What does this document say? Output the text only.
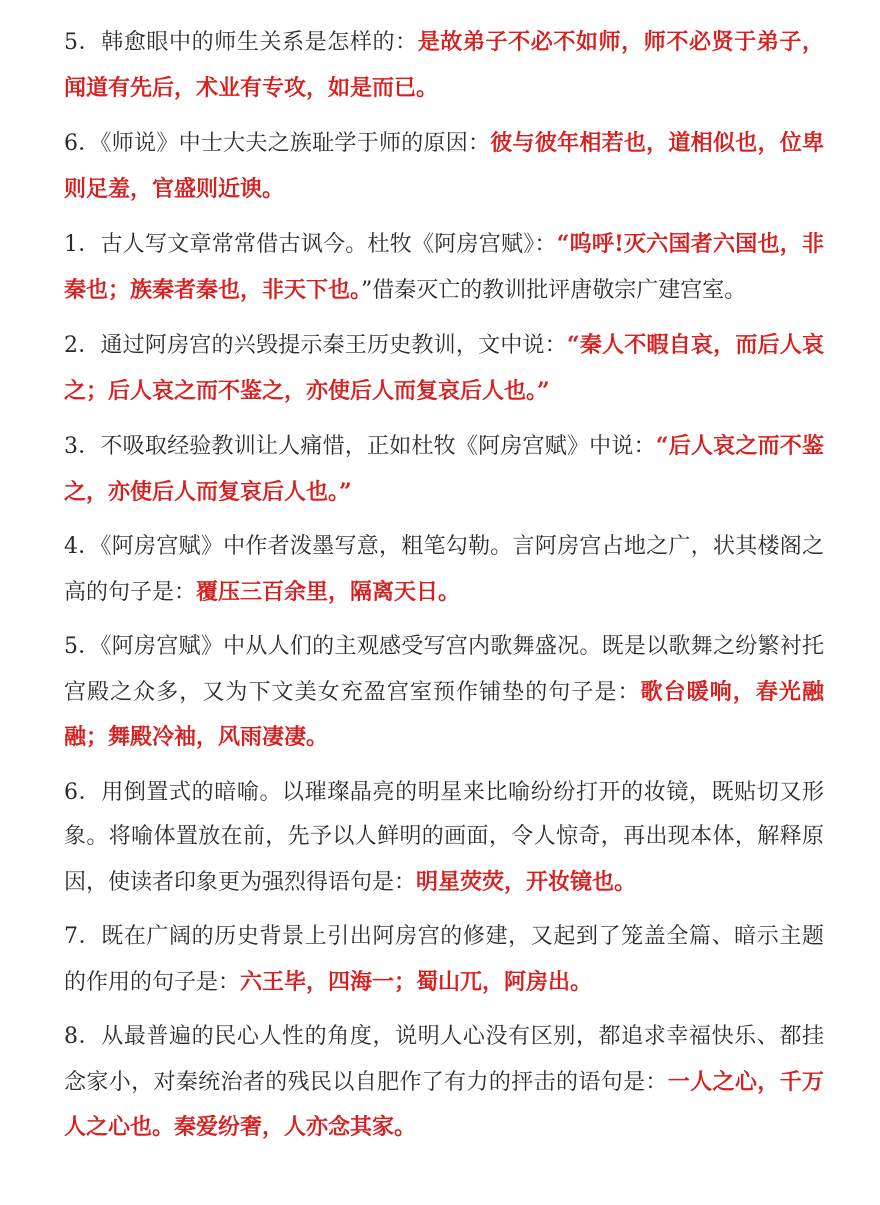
5．韩愈眼中的师生关系是怎样的：是故弟子不必不如师，师不必贤于弟子，闻道有先后，术业有专攻，如是而已。

6．《师说》中士大夫之族耻学于师的原因：彼与彼年相若也，道相似也，位卑则足羞，官盛则近谀。

1．古人写文章常常借古讽今。杜牧《阿房宫赋》：“呜呼!灭六国者六国也，非秦也；族秦者秦也，非天下也。”借秦灭亡的教训批评唐敬宗广建宫室。

2．通过阿房宫的兴毁提示秦王历史教训，文中说：“秦人不暇自哀，而后人哀之；后人哀之而不鉴之，亦使后人而复哀后人也。”

3．不吸取经验教训让人痛惜，正如杜牧《阿房宫赋》中说：“后人哀之而不鉴之，亦使后人而复哀后人也。”

4．《阿房宫赋》中作者泼墨写意，粗笔勾勒。言阿房宫占地之广，状其楼阁之高的句子是：覆压三百余里，隔离天日。

5．《阿房宫赋》中从人们的主观感受写宫内歌舞盛况。既是以歌舞之纷繁衬托宫殿之众多，又为下文美女充盈宫室预作铺垫的句子是：歌台暖响，春光融融；舞殿冷袖，风雨凄凄。

6．用倒置式的暗喻。以璀璨晶亮的明星来比喻纷纷打开的妆镜，既贴切又形象。将喻体置放在前，先予以人鲜明的画面，令人惊奇，再出现本体，解释原因，使读者印象更为强烈得语句是：明星荧荧，开妆镜也。

7．既在广阔的历史背景上引出阿房宫的修建，又起到了笼盖全篇、暗示主题的作用的句子是：六王毕，四海一；蜀山兀，阿房出。

8．从最普遍的民心人性的角度，说明人心没有区别，都追求幸福快乐、都挂念家小，对秦统治者的残民以自肥作了有力的抨击的语句是：一人之心，千万人之心也。秦爱纷奢，人亦念其家。
